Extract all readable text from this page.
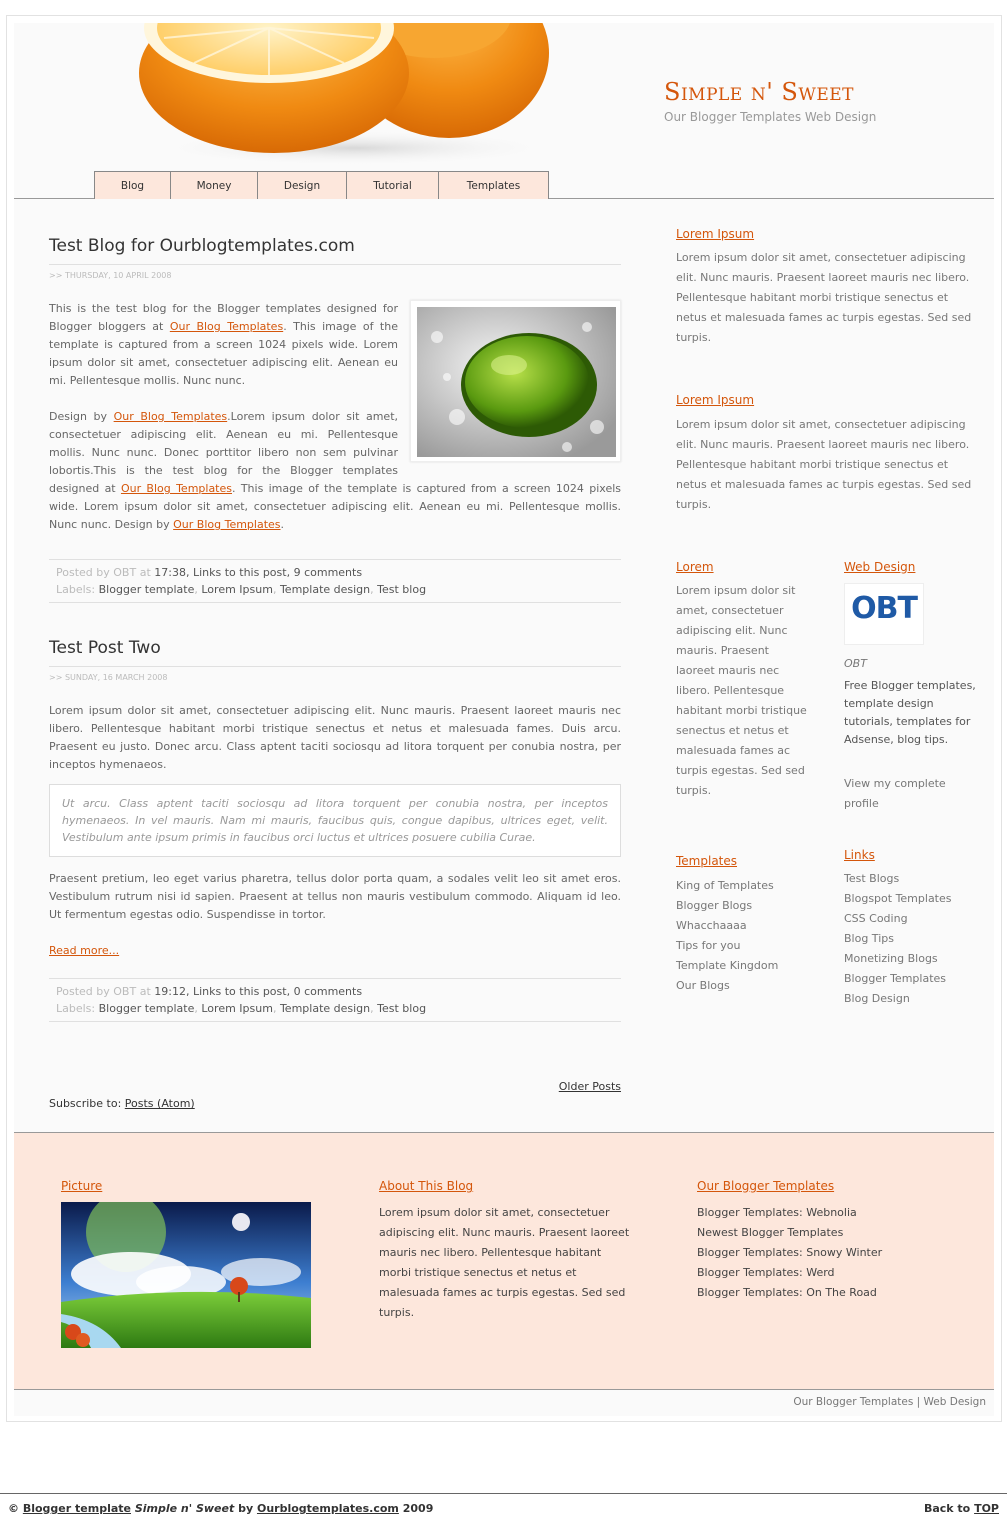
Simple n' Sweet
Our Blogger Templates Web Design
Blog	Money	Design	Tutorial	Templates
Test Blog for Ourblogtemplates.com
>> THURSDAY, 10 APRIL 2008

This is the test blog for the Blogger templates designed for Blogger bloggers at Our Blog Templates. This image of the template is captured from a screen 1024 pixels wide. Lorem ipsum dolor sit amet, consectetuer adipiscing elit. Aenean eu mi. Pellentesque mollis. Nunc nunc.

Design by Our Blog Templates.Lorem ipsum dolor sit amet, consectetuer adipiscing elit. Aenean eu mi. Pellentesque mollis. Nunc nunc. Donec porttitor libero non sem pulvinar lobortis.This is the test blog for the Blogger templates designed at Our Blog Templates. This image of the template is captured from a screen 1024 pixels wide. Lorem ipsum dolor sit amet, consectetuer adipiscing elit. Aenean eu mi. Pellentesque mollis. Nunc nunc. Design by Our Blog Templates.

Posted by OBT at 17:38, Links to this post, 9 comments
Labels: Blogger template, Lorem Ipsum, Template design, Test blog
Test Post Two
>> SUNDAY, 16 MARCH 2008

Lorem ipsum dolor sit amet, consectetuer adipiscing elit. Nunc mauris. Praesent laoreet mauris nec libero. Pellentesque habitant morbi tristique senectus et netus et malesuada fames. Duis arcu. Praesent eu justo. Donec arcu. Class aptent taciti sociosqu ad litora torquent per conubia nostra, per inceptos hymenaeos.

Ut arcu. Class aptent taciti sociosqu ad litora torquent per conubia nostra, per inceptos hymenaeos. In vel mauris. Nam mi mauris, faucibus quis, congue dapibus, ultrices eget, velit. Vestibulum ante ipsum primis in faucibus orci luctus et ultrices posuere cubilia Curae.

Praesent pretium, leo eget varius pharetra, tellus dolor porta quam, a sodales velit leo sit amet eros. Vestibulum rutrum nisi id sapien. Praesent at tellus non mauris vestibulum commodo. Aliquam id leo. Ut fermentum egestas odio. Suspendisse in tortor.

Read more...

Posted by OBT at 19:12, Links to this post, 0 comments
Labels: Blogger template, Lorem Ipsum, Template design, Test blog
Older Posts
Subscribe to: Posts (Atom)
Lorem Ipsum
Lorem ipsum dolor sit amet, consectetuer adipiscing elit. Nunc mauris. Praesent laoreet mauris nec libero. Pellentesque habitant morbi tristique senectus et netus et malesuada fames ac turpis egestas. Sed sed turpis.
Lorem Ipsum
Lorem ipsum dolor sit amet, consectetuer adipiscing elit. Nunc mauris. Praesent laoreet mauris nec libero. Pellentesque habitant morbi tristique senectus et netus et malesuada fames ac turpis egestas. Sed sed turpis.
Lorem
Lorem ipsum dolor sit amet, consectetuer adipiscing elit. Nunc mauris. Praesent laoreet mauris nec libero. Pellentesque habitant morbi tristique senectus et netus et malesuada fames ac turpis egestas. Sed sed turpis.
Web Design
OBT
OBT
Free Blogger templates, template design tutorials, templates for Adsense, blog tips.
View my complete profile
Templates
King of Templates
Blogger Blogs
Whacchaaaa
Tips for you
Template Kingdom
Our Blogs
Links
Test Blogs
Blogspot Templates
CSS Coding
Blog Tips
Monetizing Blogs
Blogger Templates
Blog Design
Picture	About This Blog
Lorem ipsum dolor sit amet, consectetuer adipiscing elit. Nunc mauris. Praesent laoreet mauris nec libero. Pellentesque habitant morbi tristique senectus et netus et malesuada fames ac turpis egestas. Sed sed turpis.
Our Blogger Templates
Blogger Templates: Webnolia
Newest Blogger Templates
Blogger Templates: Snowy Winter
Blogger Templates: Werd
Blogger Templates: On The Road
Our Blogger Templates | Web Design
© Blogger template Simple n' Sweet by Ourblogtemplates.com 2009	Back to TOP
